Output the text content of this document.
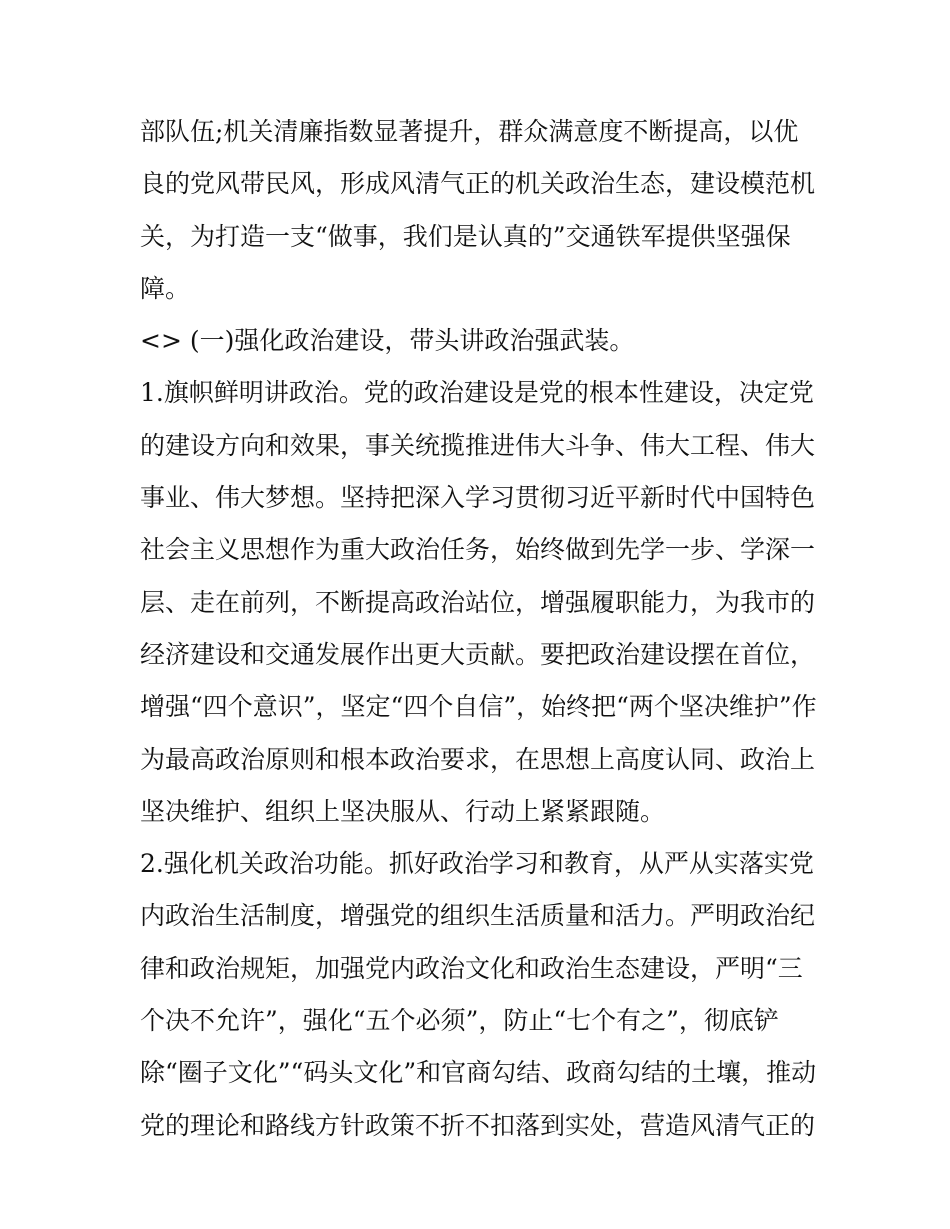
部队伍;机关清廉指数显著提升，群众满意度不断提高，以优
良的党风带民风，形成风清气正的机关政治生态，建设模范机
关，为打造一支“做事，我们是认真的”交通铁军提供坚强保
障。
<> (一)强化政治建设，带头讲政治强武装。
1.旗帜鲜明讲政治。党的政治建设是党的根本性建设，决定党
的建设方向和效果，事关统揽推进伟大斗争、伟大工程、伟大
事业、伟大梦想。坚持把深入学习贯彻习近平新时代中国特色
社会主义思想作为重大政治任务，始终做到先学一步、学深一
层、走在前列，不断提高政治站位，增强履职能力，为我市的
经济建设和交通发展作出更大贡献。要把政治建设摆在首位，
增强“四个意识”，坚定“四个自信”，始终把“两个坚决维护”作
为最高政治原则和根本政治要求，在思想上高度认同、政治上
坚决维护、组织上坚决服从、行动上紧紧跟随。
2.强化机关政治功能。抓好政治学习和教育，从严从实落实党
内政治生活制度，增强党的组织生活质量和活力。严明政治纪
律和政治规矩，加强党内政治文化和政治生态建设，严明“三
个决不允许”，强化“五个必须”，防止“七个有之”，彻底铲
除“圈子文化”“码头文化”和官商勾结、政商勾结的土壤，推动
党的理论和路线方针政策不折不扣落到实处，营造风清气正的
